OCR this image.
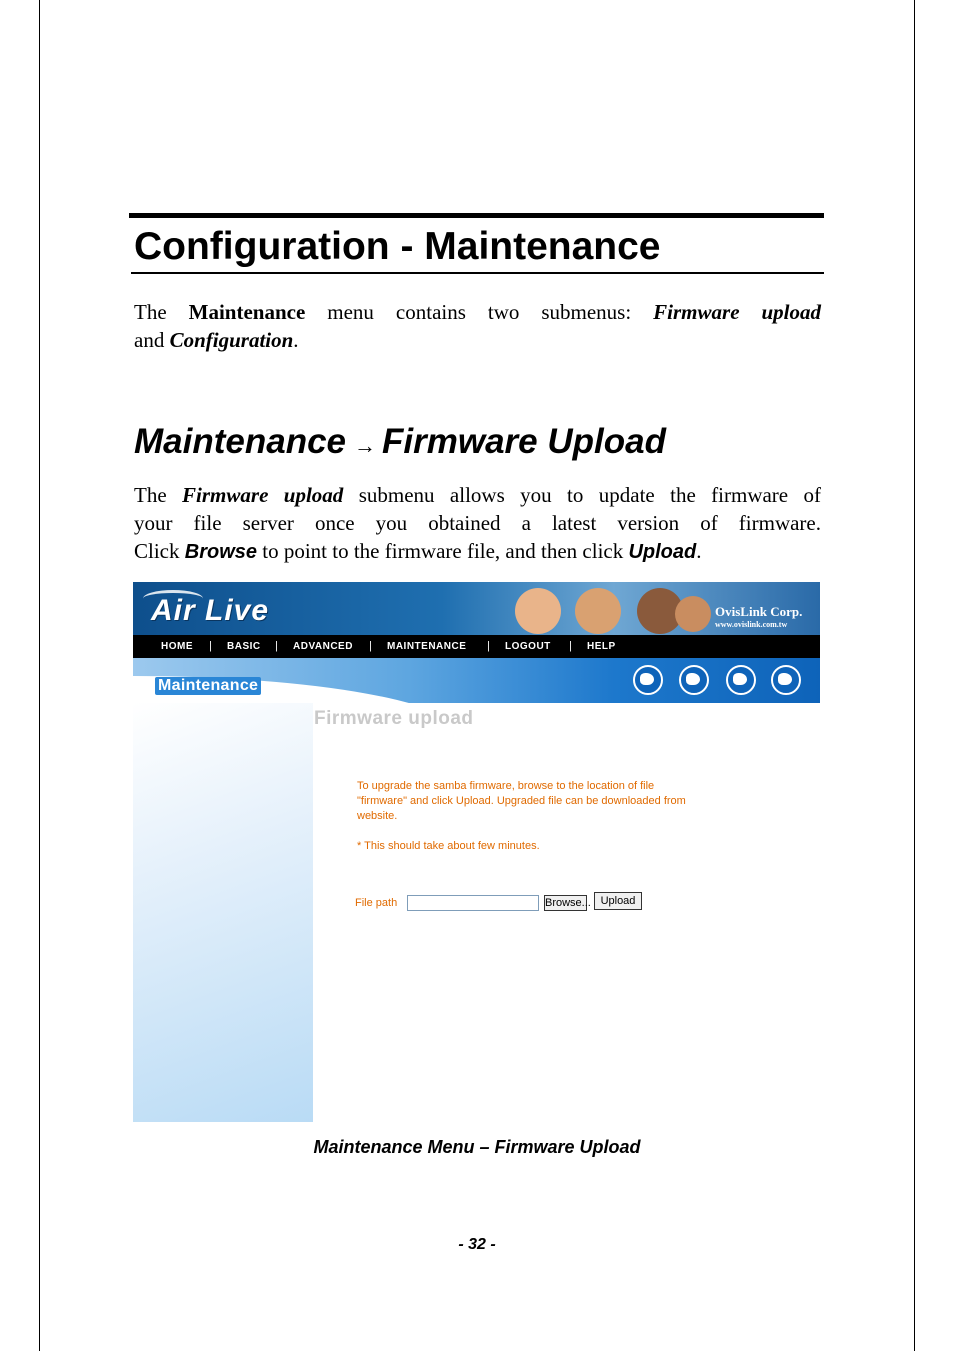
Configuration - Maintenance
The Maintenance menu contains two submenus: Firmware upload
and Configuration.
Maintenance → Firmware Upload
The Firmware upload submenu allows you to update the firmware of
your file server once you obtained a latest version of firmware.
Click Browse to point to the firmware file, and then click Upload.
Air Live	OvisLink Corp.
www.ovislink.com.tw
HOME | BASIC | ADVANCED | MAINTENANCE | LOGOUT | HELP
Maintenance
Firmware upload
To upgrade the samba firmware, browse to the location of file
"firmware" and click Upload. Upgraded file can be downloaded from
website.
* This should take about few minutes.
File path	Browse... Upload
Maintenance Menu – Firmware Upload
- 32 -
